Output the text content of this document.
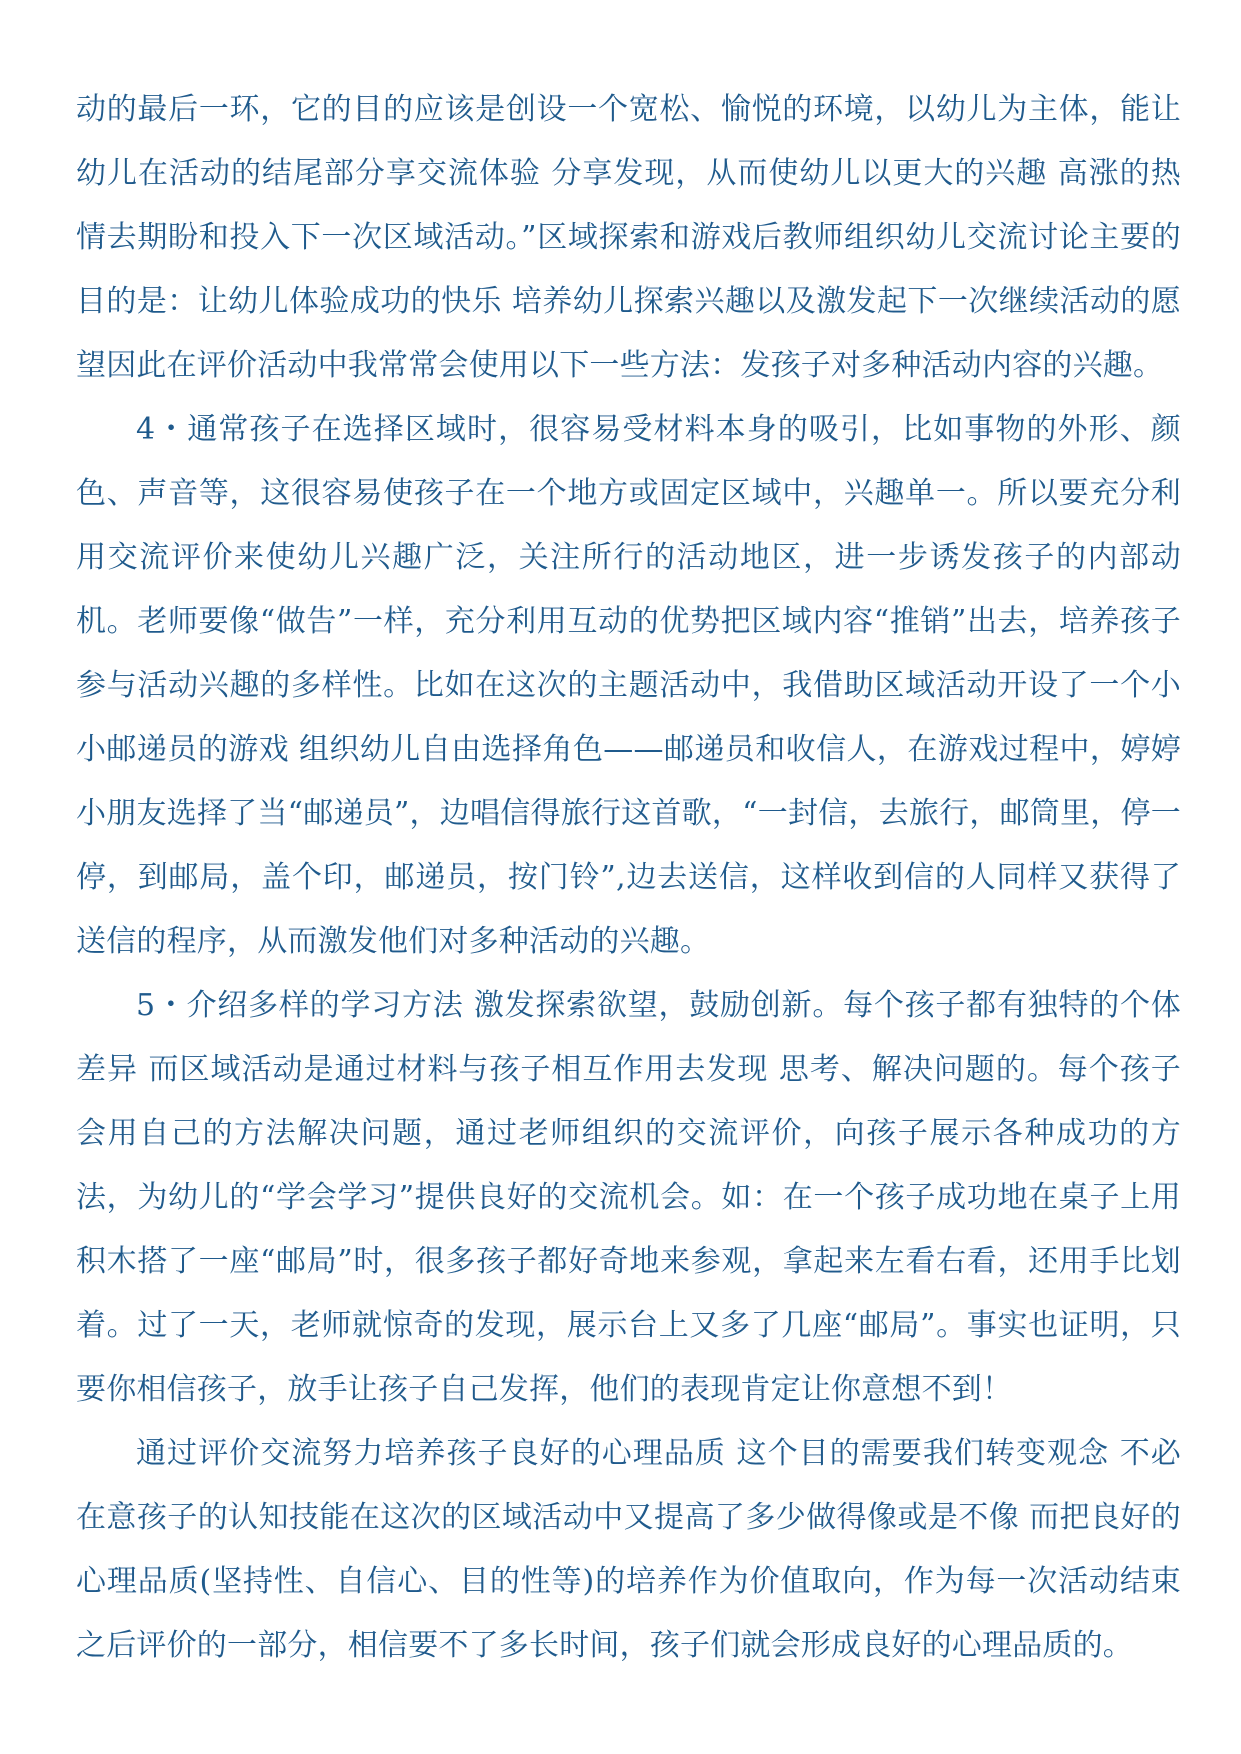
动的最后一环，它的目的应该是创设一个宽松、愉悦的环境，以幼儿为主体，能让幼儿在活动的结尾部分享交流体验 分享发现，从而使幼儿以更大的兴趣 高涨的热情去期盼和投入下一次区域活动。”区域探索和游戏后教师组织幼儿交流讨论主要的目的是：让幼儿体验成功的快乐 培养幼儿探索兴趣以及激发起下一次继续活动的愿望因此在评价活动中我常常会使用以下一些方法：发孩子对多种活动内容的兴趣。

4・通常孩子在选择区域时，很容易受材料本身的吸引，比如事物的外形、颜色、声音等，这很容易使孩子在一个地方或固定区域中，兴趣单一。所以要充分利用交流评价来使幼儿兴趣广泛，关注所行的活动地区，进一步诱发孩子的内部动机。老师要像“做告”一样，充分利用互动的优势把区域内容“推销”出去，培养孩子参与活动兴趣的多样性。比如在这次的主题活动中，我借助区域活动开设了一个小小邮递员的游戏 组织幼儿自由选择角色——邮递员和收信人，在游戏过程中，婷婷小朋友选择了当“邮递员”，边唱信得旅行这首歌，“一封信，去旅行，邮筒里，停一停，到邮局，盖个印，邮递员，按门铃”,边去送信，这样收到信的人同样又获得了送信的程序，从而激发他们对多种活动的兴趣。

5・介绍多样的学习方法 激发探索欲望，鼓励创新。每个孩子都有独特的个体差异 而区域活动是通过材料与孩子相互作用去发现 思考、解决问题的。每个孩子会用自己的方法解决问题，通过老师组织的交流评价，向孩子展示各种成功的方法，为幼儿的“学会学习”提供良好的交流机会。如：在一个孩子成功地在桌子上用积木搭了一座“邮局”时，很多孩子都好奇地来参观，拿起来左看右看，还用手比划着。过了一天，老师就惊奇的发现，展示台上又多了几座“邮局”。事实也证明，只要你相信孩子，放手让孩子自己发挥，他们的表现肯定让你意想不到！

通过评价交流努力培养孩子良好的心理品质 这个目的需要我们转变观念 不必在意孩子的认知技能在这次的区域活动中又提高了多少做得像或是不像 而把良好的心理品质(坚持性、自信心、目的性等)的培养作为价值取向，作为每一次活动结束之后评价的一部分，相信要不了多长时间，孩子们就会形成良好的心理品质的。
